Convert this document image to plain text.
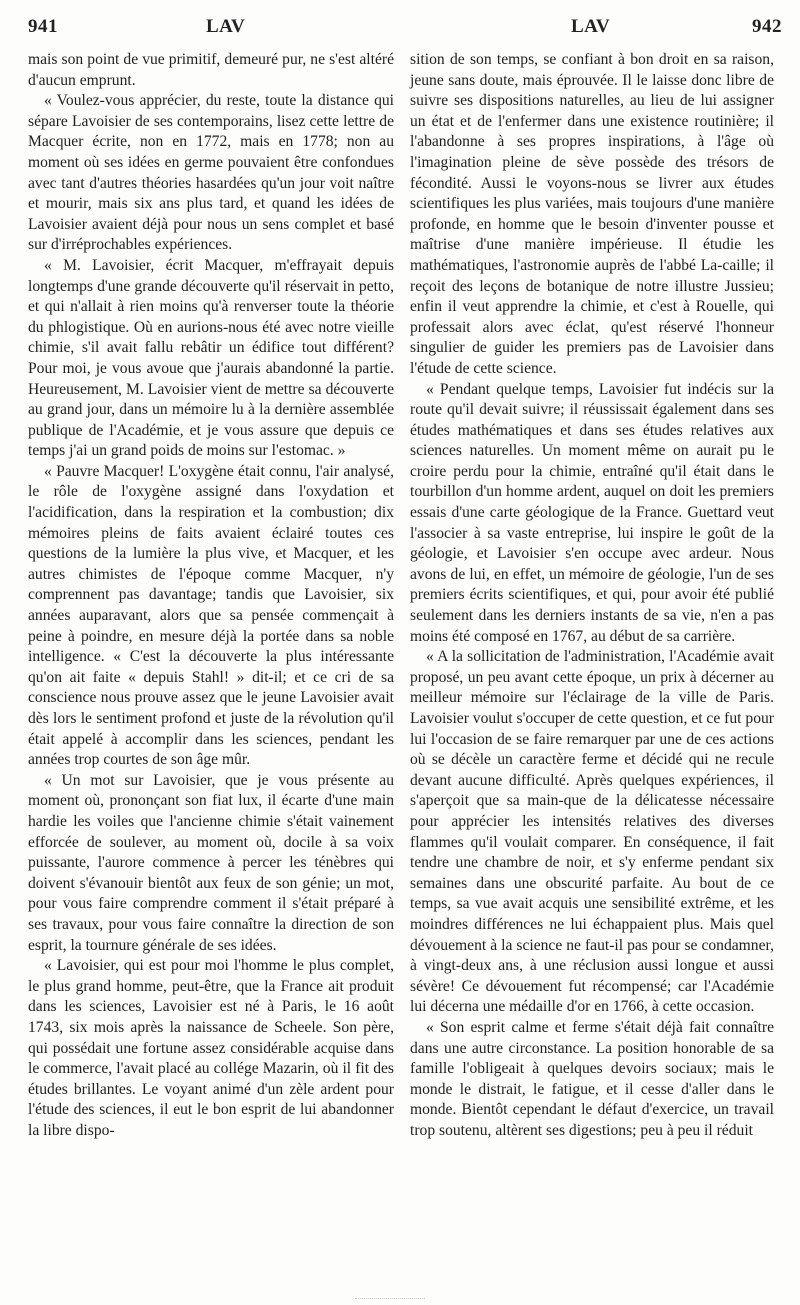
941	LAV	LAV	942

mais son point de vue primitif, demeuré pur, ne s'est altéré d'aucun emprunt.

« Voulez-vous apprécier, du reste, toute la distance qui sépare Lavoisier de ses contemporains, lisez cette lettre de Macquer écrite, non en 1772, mais en 1778; non au moment où ses idées en germe pouvaient être confondues avec tant d'autres théories hasardées qu'un jour voit naître et mourir, mais six ans plus tard, et quand les idées de Lavoisier avaient déjà pour nous un sens complet et basé sur d'irréprochables expériences.

« M. Lavoisier, écrit Macquer, m'effrayait depuis longtemps d'une grande découverte qu'il réservait in petto, et qui n'allait à rien moins qu'à renverser toute la théorie du phlogistique. Où en aurions-nous été avec notre vieille chimie, s'il avait fallu rebâtir un édifice tout différent? Pour moi, je vous avoue que j'aurais abandonné la partie. Heureusement, M. Lavoisier vient de mettre sa découverte au grand jour, dans un mémoire lu à la dernière assemblée publique de l'Académie, et je vous assure que depuis ce temps j'ai un grand poids de moins sur l'estomac. »

« Pauvre Macquer! L'oxygène était connu, l'air analysé, le rôle de l'oxygène assigné dans l'oxydation et l'acidification, dans la respiration et la combustion; dix mémoires pleins de faits avaient éclairé toutes ces questions de la lumière la plus vive, et Macquer, et les autres chimistes de l'époque comme Macquer, n'y comprennent pas davantage; tandis que Lavoisier, six années auparavant, alors que sa pensée commençait à peine à poindre, en mesure déjà la portée dans sa noble intelligence. « C'est la découverte la plus intéressante qu'on ait faite « depuis Stahl! » dit-il; et ce cri de sa conscience nous prouve assez que le jeune Lavoisier avait dès lors le sentiment profond et juste de la révolution qu'il était appelé à accomplir dans les sciences, pendant les années trop courtes de son âge mûr.

« Un mot sur Lavoisier, que je vous présente au moment où, prononçant son fiat lux, il écarte d'une main hardie les voiles que l'ancienne chimie s'était vainement efforcée de soulever, au moment où, docile à sa voix puissante, l'aurore commence à percer les ténèbres qui doivent s'évanouir bientôt aux feux de son génie; un mot, pour vous faire comprendre comment il s'était préparé à ses travaux, pour vous faire connaître la direction de son esprit, la tournure générale de ses idées.

« Lavoisier, qui est pour moi l'homme le plus complet, le plus grand homme, peut-être, que la France ait produit dans les sciences, Lavoisier est né à Paris, le 16 août 1743, six mois après la naissance de Scheele. Son père, qui possédait une fortune assez considérable acquise dans le commerce, l'avait placé au collége Mazarin, où il fit des études brillantes. Le voyant animé d'un zèle ardent pour l'étude des sciences, il eut le bon esprit de lui abandonner la libre dispo-

sition de son temps, se confiant à bon droit en sa raison, jeune sans doute, mais éprouvée. Il le laisse donc libre de suivre ses dispositions naturelles, au lieu de lui assigner un état et de l'enfermer dans une existence routinière; il l'abandonne à ses propres inspirations, à l'âge où l'imagination pleine de sève possède des trésors de fécondité. Aussi le voyons-nous se livrer aux études scientifiques les plus variées, mais toujours d'une manière profonde, en homme que le besoin d'inventer pousse et maîtrise d'une manière impérieuse. Il étudie les mathématiques, l'astronomie auprès de l'abbé La-caille; il reçoit des leçons de botanique de notre illustre Jussieu; enfin il veut apprendre la chimie, et c'est à Rouelle, qui professait alors avec éclat, qu'est réservé l'honneur singulier de guider les premiers pas de Lavoisier dans l'étude de cette science.

« Pendant quelque temps, Lavoisier fut indécis sur la route qu'il devait suivre; il réussissait également dans ses études mathématiques et dans ses études relatives aux sciences naturelles. Un moment même on aurait pu le croire perdu pour la chimie, entraîné qu'il était dans le tourbillon d'un homme ardent, auquel on doit les premiers essais d'une carte géologique de la France. Guettard veut l'associer à sa vaste entreprise, lui inspire le goût de la géologie, et Lavoisier s'en occupe avec ardeur. Nous avons de lui, en effet, un mémoire de géologie, l'un de ses premiers écrits scientifiques, et qui, pour avoir été publié seulement dans les derniers instants de sa vie, n'en a pas moins été composé en 1767, au début de sa carrière.

« A la sollicitation de l'administration, l'Académie avait proposé, un peu avant cette époque, un prix à décerner au meilleur mémoire sur l'éclairage de la ville de Paris. Lavoisier voulut s'occuper de cette question, et ce fut pour lui l'occasion de se faire remarquer par une de ces actions où se décèle un caractère ferme et décidé qui ne recule devant aucune difficulté. Après quelques expériences, il s'aperçoit que sa main-que de la délicatesse nécessaire pour apprécier les intensités relatives des diverses flammes qu'il voulait comparer. En conséquence, il fait tendre une chambre de noir, et s'y enferme pendant six semaines dans une obscurité parfaite. Au bout de ce temps, sa vue avait acquis une sensibilité extrême, et les moindres différences ne lui échappaient plus. Mais quel dévouement à la science ne faut-il pas pour se condamner, à vingt-deux ans, à une réclusion aussi longue et aussi sévère! Ce dévouement fut récompensé; car l'Académie lui décerna une médaille d'or en 1766, à cette occasion.

« Son esprit calme et ferme s'était déjà fait connaître dans une autre circonstance. La position honorable de sa famille l'obligeait à quelques devoirs sociaux; mais le monde le distrait, le fatigue, et il cesse d'aller dans le monde. Bientôt cependant le défaut d'exercice, un travail trop soutenu, altèrent ses digestions; peu à peu il réduit
